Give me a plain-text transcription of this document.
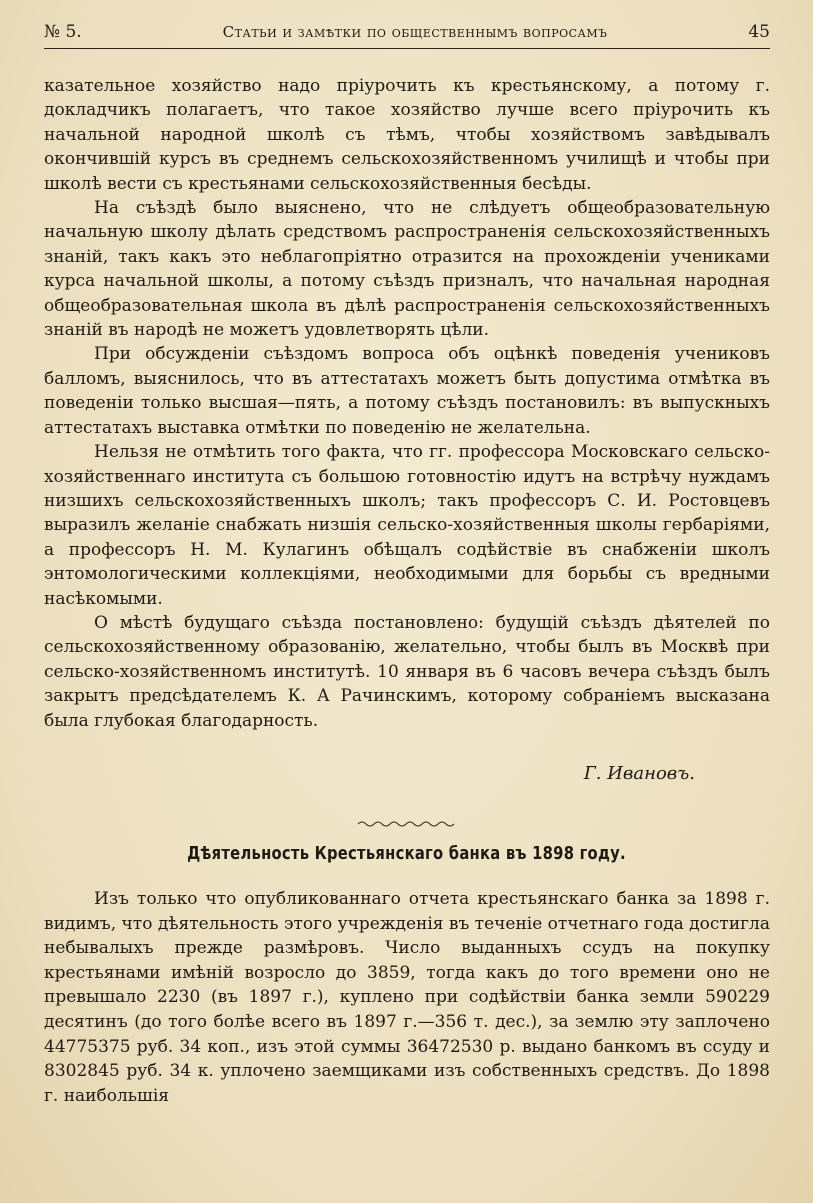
№ 5.	Статьи и замѣтки по общественнымъ вопросамъ	45

казательное хозяйство надо пріурочить къ крестьянскому, а потому г. докладчикъ полагаетъ, что такое хозяйство лучше всего пріурочить къ начальной народной школѣ съ тѣмъ, чтобы хозяйствомъ завѣдывалъ окончившій курсъ въ среднемъ сельскохозяйственномъ училищѣ и чтобы при школѣ вести съ крестьянами сельскохозяйственныя бесѣды.

На съѣздѣ было выяснено, что не слѣдуетъ общеобразовательную начальную школу дѣлать средствомъ распространенія сельскохозяйственныхъ знаній, такъ какъ это неблагопріятно отразится на прохожденіи учениками курса начальной школы, а потому съѣздъ призналъ, что начальная народная общеобразовательная школа въ дѣлѣ распространенія сельскохозяйственныхъ знаній въ народѣ не можетъ удовлетворять цѣли.

При обсужденіи съѣздомъ вопроса объ оцѣнкѣ поведенія учениковъ балломъ, выяснилось, что въ аттестатахъ можетъ быть допустима отмѣтка въ поведеніи только высшая—пять, а потому съѣздъ постановилъ: въ выпускныхъ аттестатахъ выставка отмѣтки по поведенію не желательна.

Нельзя не отмѣтить того факта, что гг. профессора Московскаго сельско-хозяйственнаго института съ большою готовностію идутъ на встрѣчу нуждамъ низшихъ сельскохозяйственныхъ школъ; такъ профессоръ С. И. Ростовцевъ выразилъ желаніе снабжать низшія сельско-хозяйственныя школы гербаріями, а профессоръ Н. М. Кулагинъ обѣщалъ содѣйствіе въ снабженіи школъ энтомологическими коллекціями, необходимыми для борьбы съ вредными насѣкомыми.

О мѣстѣ будущаго съѣзда постановлено: будущій съѣздъ дѣятелей по сельскохозяйственному образованію, желательно, чтобы былъ въ Москвѣ при сельско-хозяйственномъ институтѣ. 10 января въ 6 часовъ вечера съѣздъ былъ закрытъ предсѣдателемъ К. А Рачинскимъ, которому собраніемъ высказана была глубокая благодарность.

Г. Ивановъ.
Дѣятельность Крестьянскаго банка въ 1898 году.

Изъ только что опубликованнаго отчета крестьянскаго банка за 1898 г. видимъ, что дѣятельность этого учрежденія въ теченіе отчетнаго года достигла небывалыхъ прежде размѣровъ. Число выданныхъ ссудъ на покупку крестьянами имѣній возросло до 3859, тогда какъ до того времени оно не превышало 2230 (въ 1897 г.), куплено при содѣйствіи банка земли 590229 десятинъ (до того болѣе всего въ 1897 г.—356 т. дес.), за землю эту заплочено 44775375 руб. 34 коп., изъ этой суммы 36472530 р. выдано банкомъ въ ссуду и 8302845 руб. 34 к. уплочено заемщиками изъ собственныхъ средствъ. До 1898 г. наибольшія
